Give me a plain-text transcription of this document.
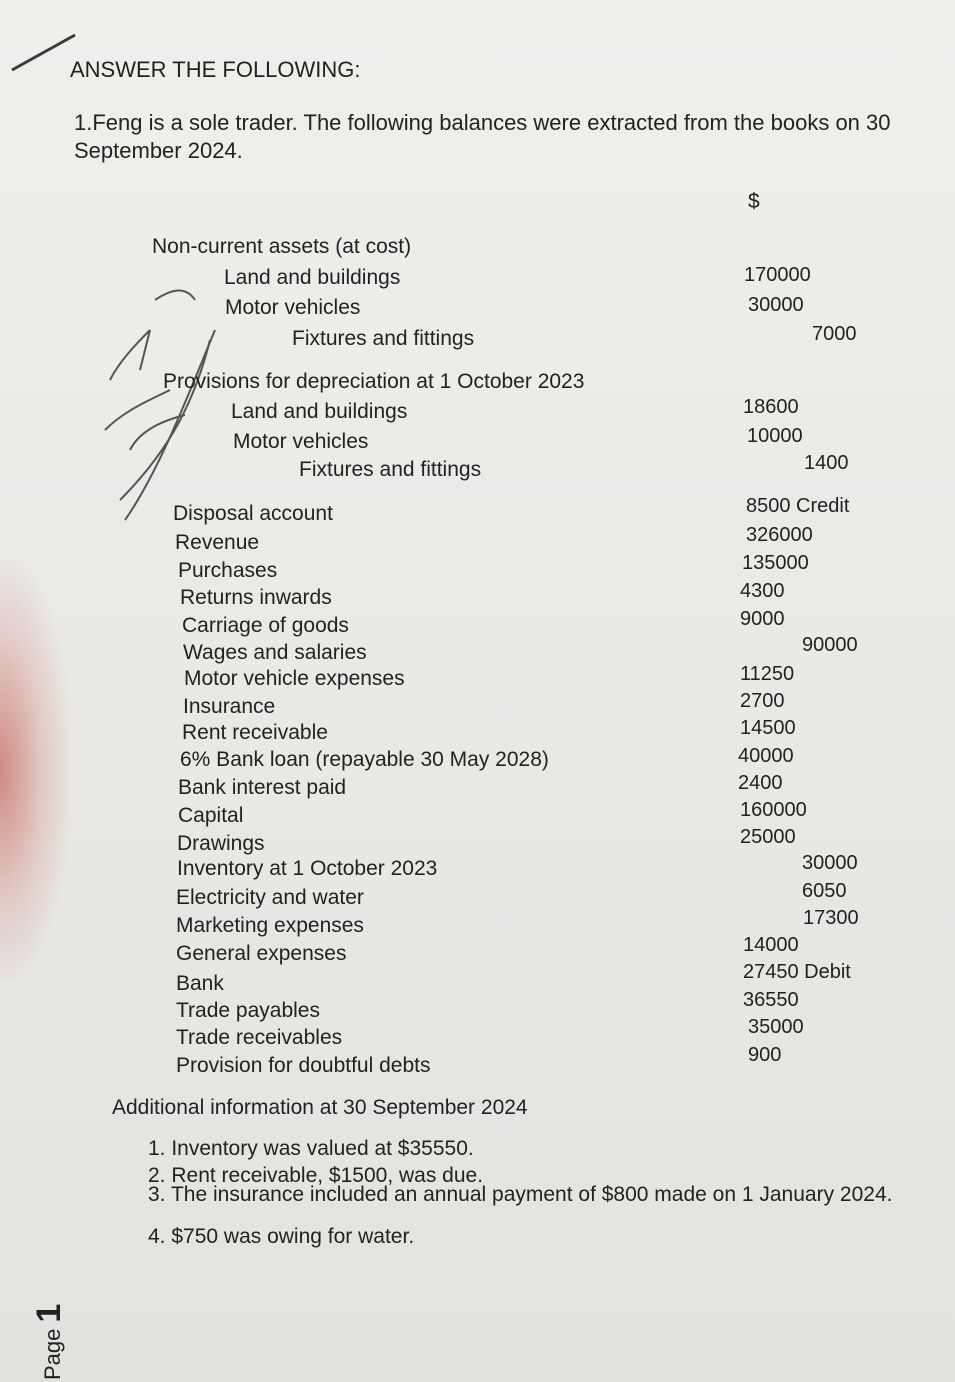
ANSWER THE FOLLOWING:
1.Feng is a sole trader. The following balances were extracted from the books on 30
September 2024.
$
Non-current assets (at cost)
Land and buildings	170000
Motor vehicles	30000
Fixtures and fittings	7000
Provisions for depreciation at 1 October 2023
Land and buildings	18600
Motor vehicles	10000
Fixtures and fittings	1400
Disposal account	8500 Credit
Revenue	326000
Purchases	135000
Returns inwards	4300
Carriage of goods	9000
Wages and salaries	90000
Motor vehicle expenses	11250
Insurance	2700
Rent receivable	14500
6% Bank loan (repayable 30 May 2028)	40000
Bank interest paid	2400
Capital	160000
Drawings	25000
Inventory at 1 October 2023	30000
Electricity and water	6050
Marketing expenses	17300
General expenses	14000
Bank	27450 Debit
Trade payables	36550
Trade receivables	35000
Provision for doubtful debts	900
Additional information at 30 September 2024
1. Inventory was valued at $35550.
2. Rent receivable, $1500, was due.
3. The insurance included an annual payment of $800 made on 1 January 2024.
4. $750 was owing for water.
Page1
